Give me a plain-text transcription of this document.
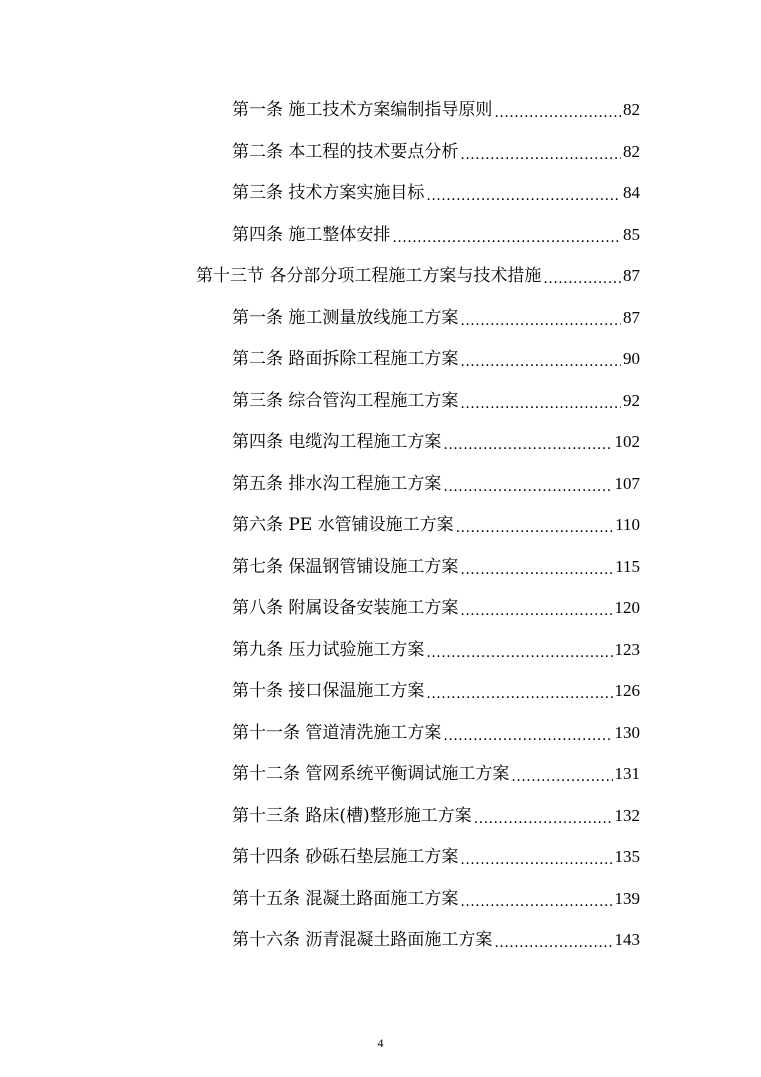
第一条 施工技术方案编制指导原则 .....	82
第二条 本工程的技术要点分析 .....	82
第三条 技术方案实施目标 .....	84
第四条 施工整体安排 .....	85
第十三节 各分部分项工程施工方案与技术措施 .....	87
第一条 施工测量放线施工方案 .....	87
第二条 路面拆除工程施工方案 .....	90
第三条 综合管沟工程施工方案 .....	92
第四条 电缆沟工程施工方案 .....	102
第五条 排水沟工程施工方案 .....	107
第六条 PE 水管铺设施工方案 .....	110
第七条 保温钢管铺设施工方案 .....	115
第八条 附属设备安装施工方案 .....	120
第九条 压力试验施工方案 .....	123
第十条 接口保温施工方案 .....	126
第十一条 管道清洗施工方案 .....	130
第十二条 管网系统平衡调试施工方案 .....	131
第十三条 路床(槽)整形施工方案 .....	132
第十四条 砂砾石垫层施工方案 .....	135
第十五条 混凝土路面施工方案 .....	139
第十六条 沥青混凝土路面施工方案 .....	143
4
